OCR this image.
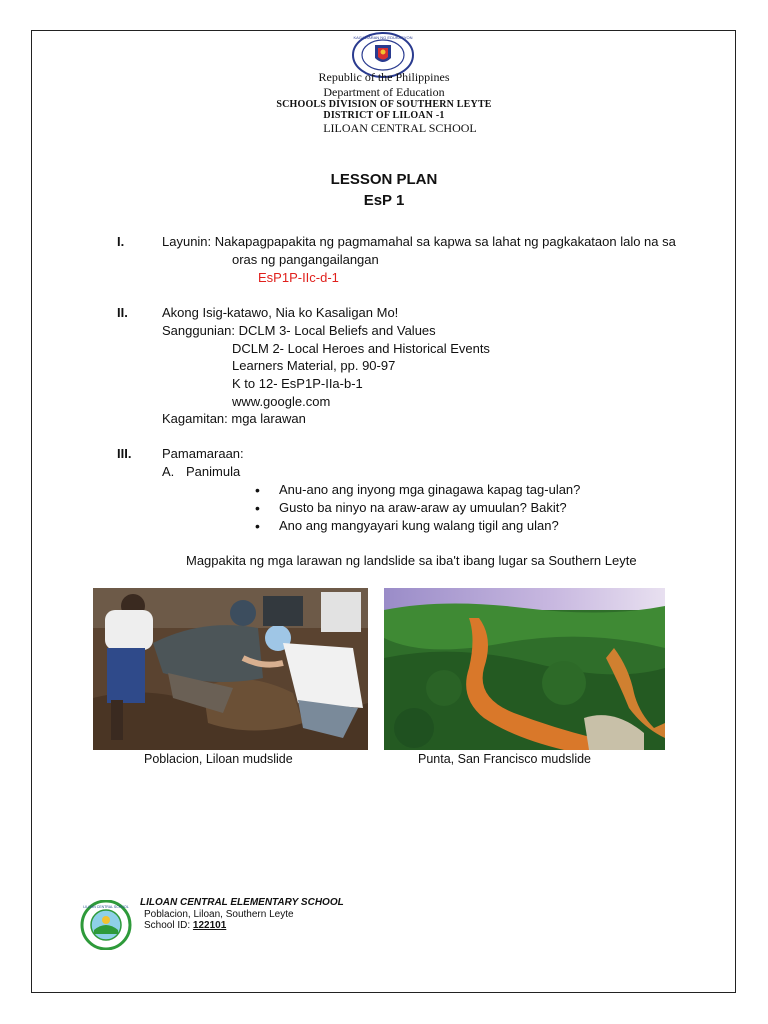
KAGAWARAN NG EDUKASYON
Republic of the Philippines
Department of Education
SCHOOLS DIVISION OF SOUTHERN LEYTE
DISTRICT OF LILOAN -1
LILOAN CENTRAL SCHOOL
LESSON PLAN
EsP 1
I.	Layunin: Nakapagpapakita ng pagmamahal sa kapwa sa lahat ng pagkakataon lalo na sa
oras ng pangangailangan
EsP1P-IIc-d-1
II.	Akong Isig-katawo, Nia ko Kasaligan Mo!
Sanggunian: DCLM 3- Local Beliefs and Values
DCLM 2- Local Heroes and Historical Events
Learners Material, pp. 90-97
K to 12- EsP1P-IIa-b-1
www.google.com
Kagamitan: mga larawan
III. Pamamaraan:
A. Panimula
• Anu-ano ang inyong mga ginagawa kapag tag-ulan?
• Gusto ba ninyo na araw-araw ay umuulan? Bakit?
• Ano ang mangyayari kung walang tigil ang ulan?
Magpakita ng mga larawan ng landslide sa iba't ibang lugar sa Southern Leyte
Poblacion, Liloan mudslide	Punta, San Francisco mudslide
LILOAN CENTRAL SCHOOL LILOAN CENTRAL ELEMENTARY SCHOOL
Poblacion, Liloan, Southern Leyte
School ID: 122101
